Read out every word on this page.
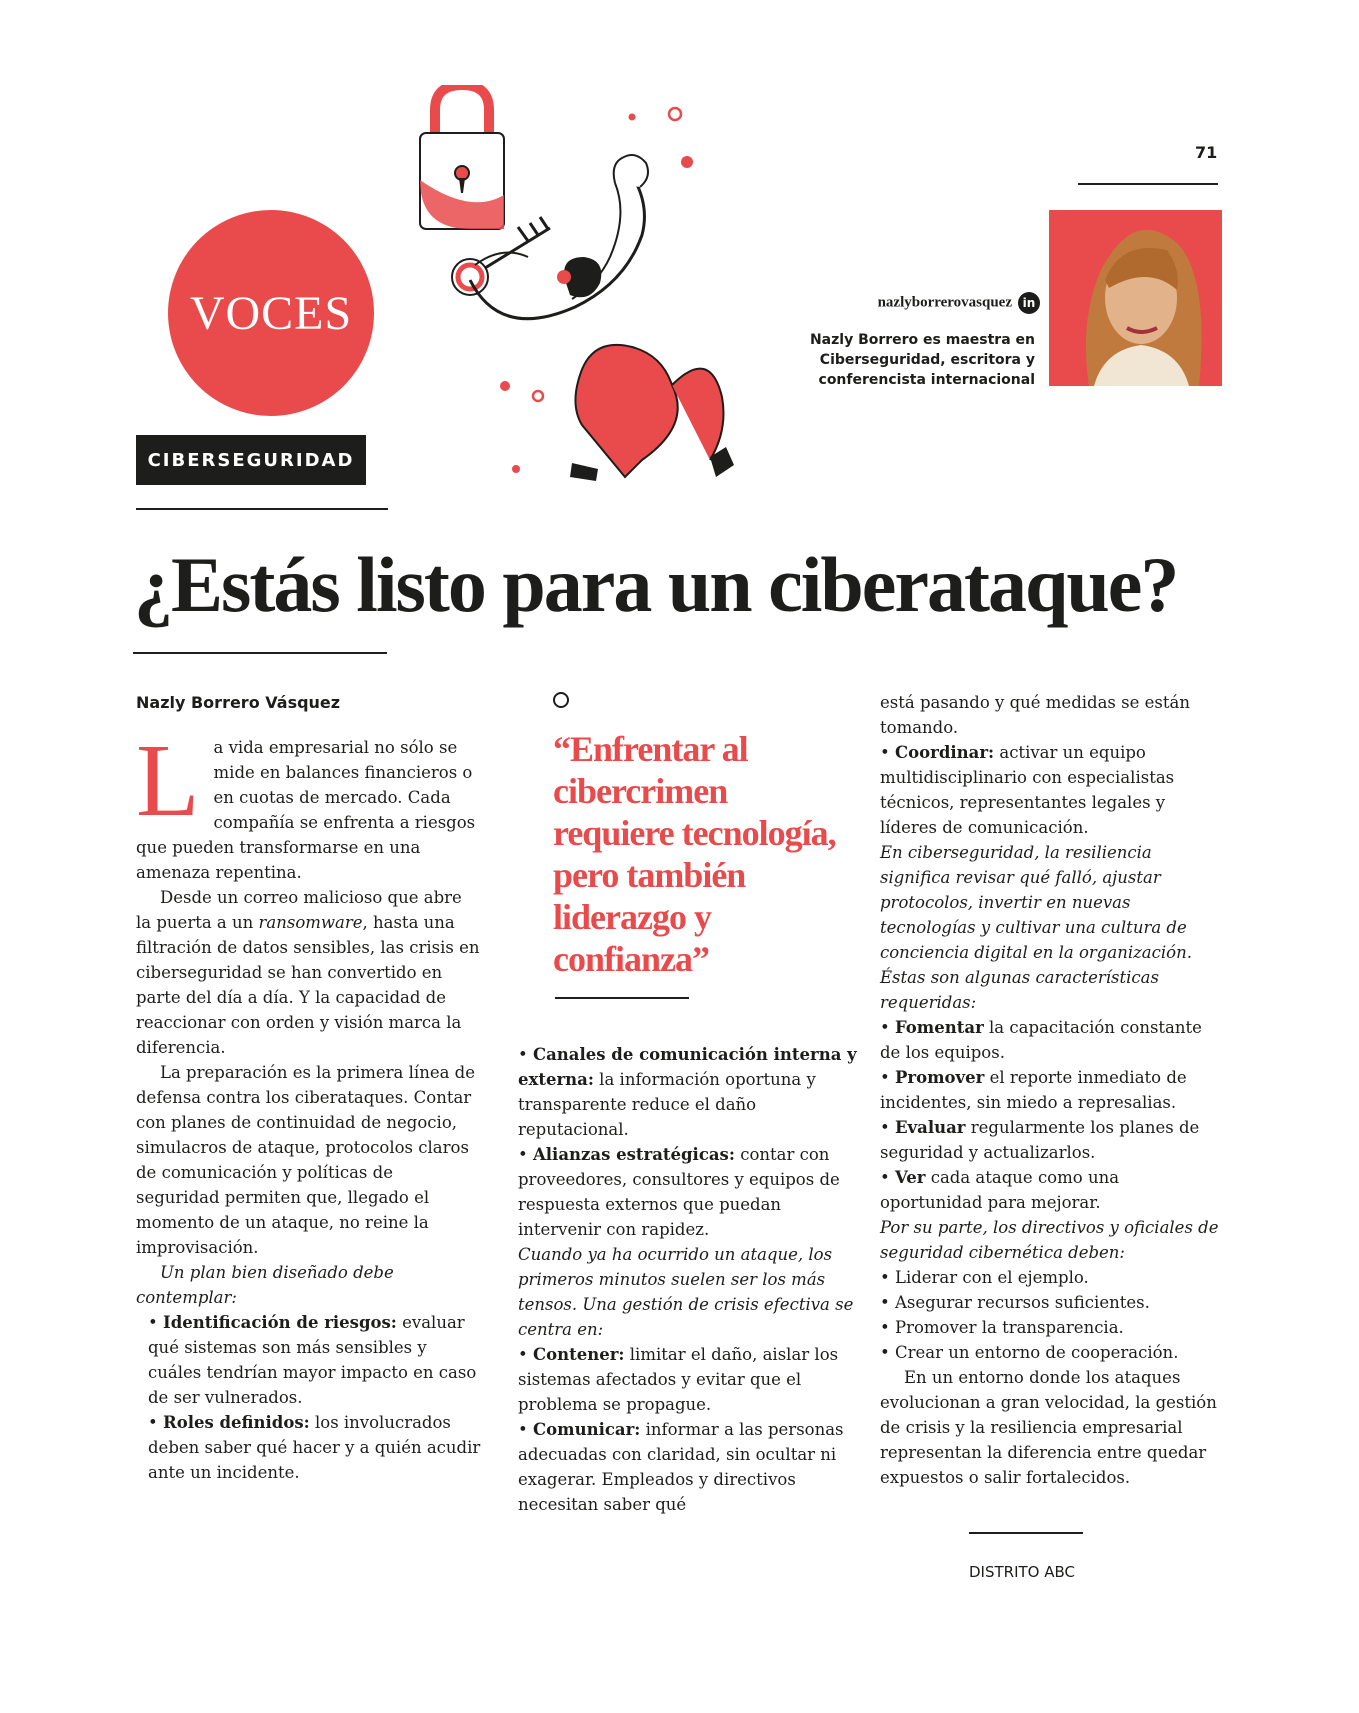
71
VOCES
CIBERSEGURIDAD
nazlyborrerovasquez in
Nazly Borrero es maestra en Ciberseguridad, escritora y conferencista internacional
¿Estás listo para un ciberataque?

Nazly Borrero Vásquez

La vida empresarial no sólo se mide en balances financieros o en cuotas de mercado. Cada compañía se enfrenta a riesgos que pueden transformarse en una amenaza repentina.

Desde un correo malicioso que abre la puerta a un ransomware, hasta una filtración de datos sensibles, las crisis en ciberseguridad se han convertido en parte del día a día. Y la capacidad de reaccionar con orden y visión marca la diferencia.

La preparación es la primera línea de defensa contra los ciberataques. Contar con planes de continuidad de negocio, simulacros de ataque, protocolos claros de comunicación y políticas de seguridad permiten que, llegado el momento de un ataque, no reine la improvisación.

Un plan bien diseñado debe contemplar:

• Identificación de riesgos: evaluar qué sistemas son más sensibles y cuáles tendrían mayor impacto en caso de ser vulnerados.

• Roles definidos: los involucrados deben saber qué hacer y a quién acudir ante un incidente.

“Enfrentar al cibercrimen requiere tecnología, pero también liderazgo y confianza”

• Canales de comunicación interna y externa: la información oportuna y transparente reduce el daño reputacional.

• Alianzas estratégicas: contar con proveedores, consultores y equipos de respuesta externos que puedan intervenir con rapidez.

Cuando ya ha ocurrido un ataque, los primeros minutos suelen ser los más tensos. Una gestión de crisis efectiva se centra en:

• Contener: limitar el daño, aislar los sistemas afectados y evitar que el problema se propague.

• Comunicar: informar a las personas adecuadas con claridad, sin ocultar ni exagerar. Empleados y directivos necesitan saber qué

está pasando y qué medidas se están tomando.

• Coordinar: activar un equipo multidisciplinario con especialistas técnicos, representantes legales y líderes de comunicación.

En ciberseguridad, la resiliencia significa revisar qué falló, ajustar protocolos, invertir en nuevas tecnologías y cultivar una cultura de conciencia digital en la organización. Éstas son algunas características requeridas:

• Fomentar la capacitación constante de los equipos.

• Promover el reporte inmediato de incidentes, sin miedo a represalias.

• Evaluar regularmente los planes de seguridad y actualizarlos.

• Ver cada ataque como una oportunidad para mejorar.

Por su parte, los directivos y oficiales de seguridad cibernética deben:

• Liderar con el ejemplo.

• Asegurar recursos suficientes.

• Promover la transparencia.

• Crear un entorno de cooperación.

En un entorno donde los ataques evolucionan a gran velocidad, la gestión de crisis y la resiliencia empresarial representan la diferencia entre quedar expuestos o salir fortalecidos.

DISTRITO ABC
